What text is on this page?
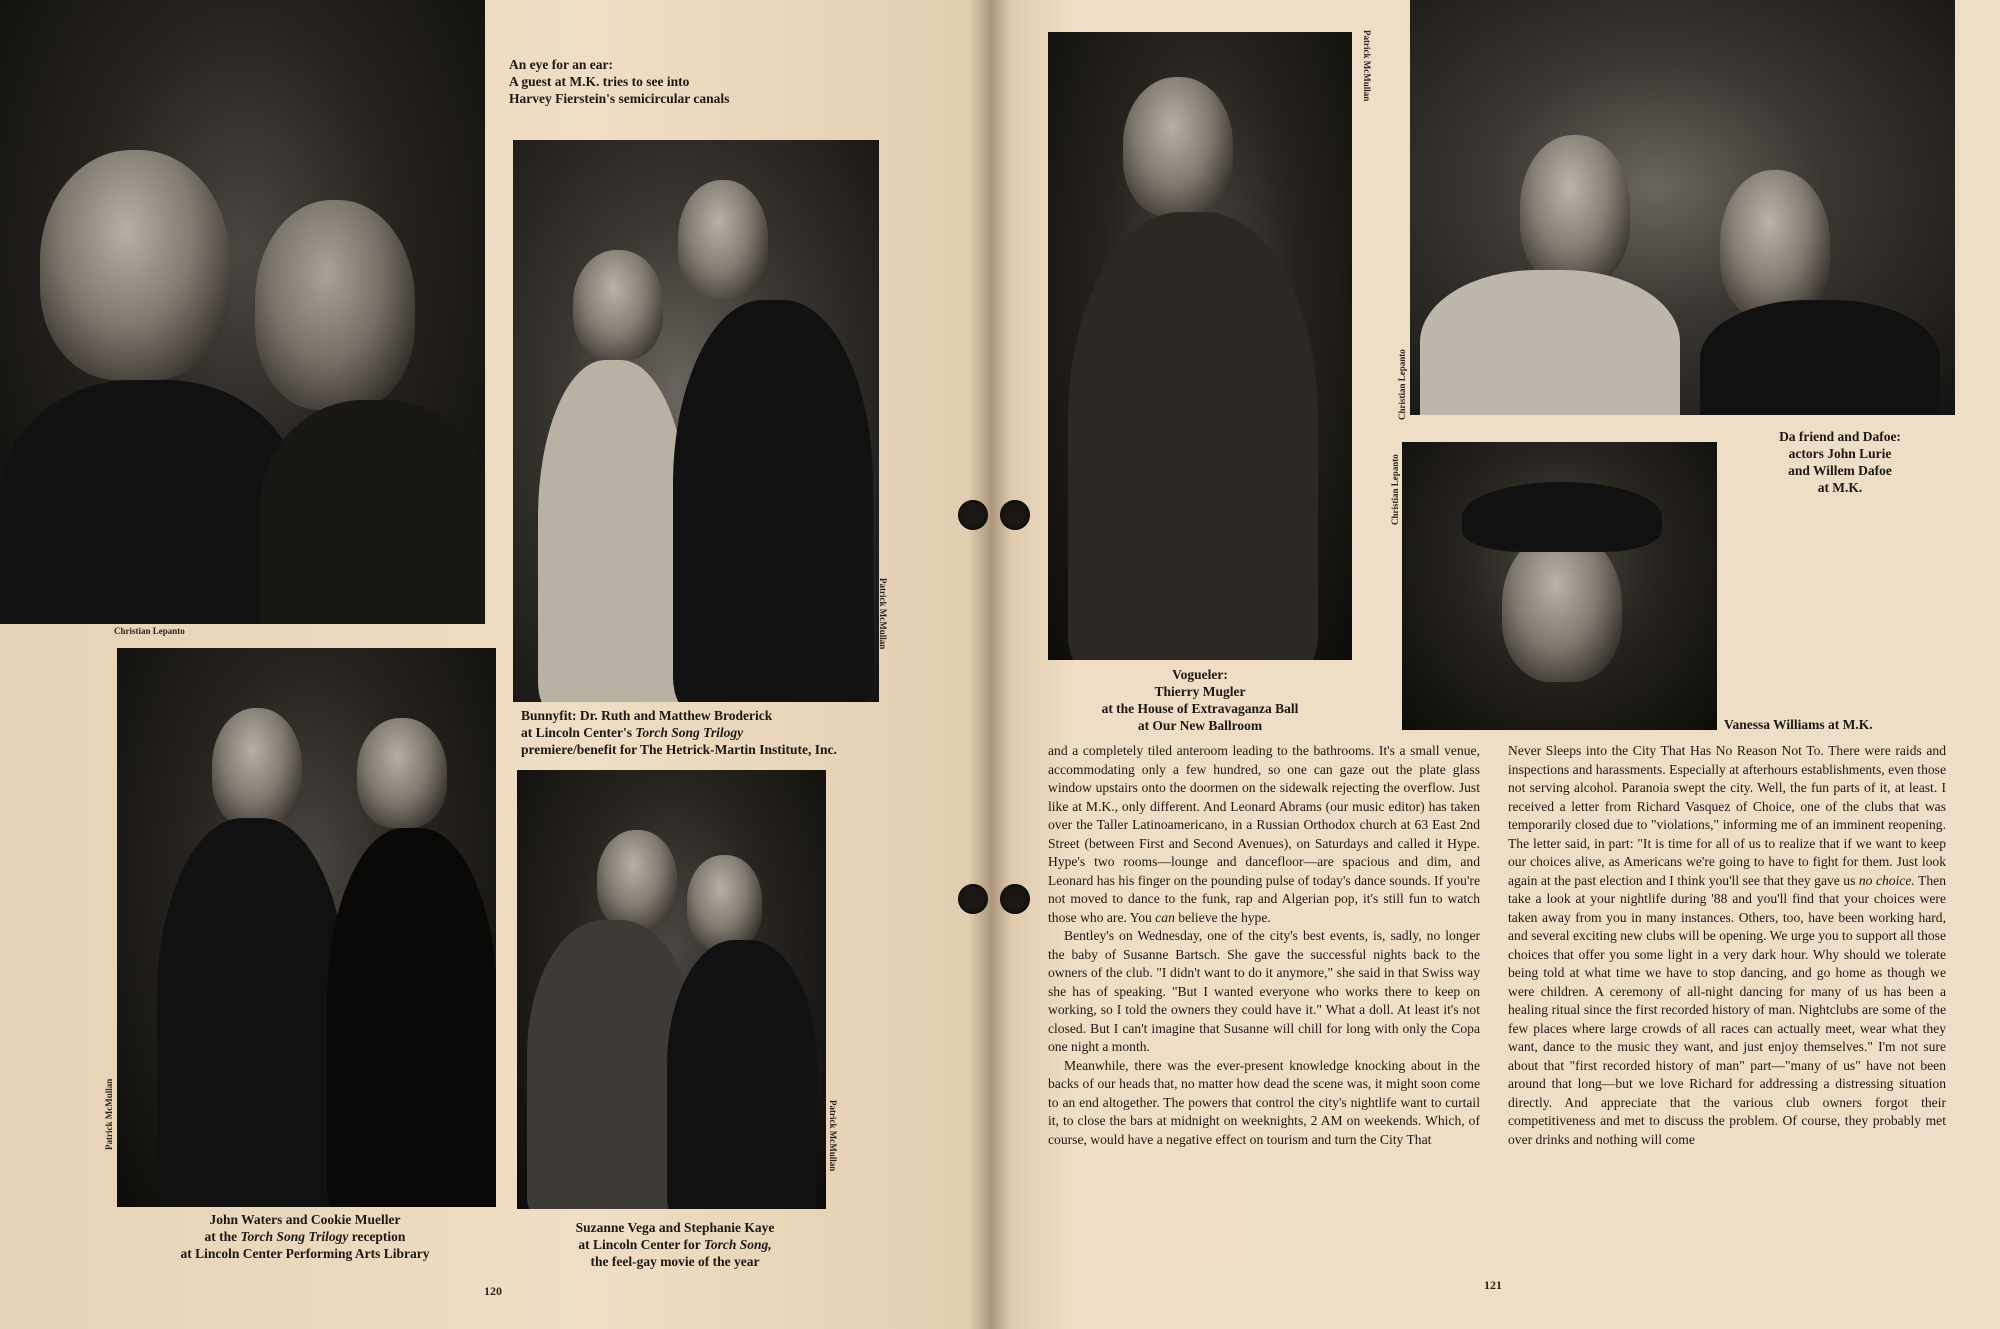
Christian Lepanto
An eye for an ear:
A guest at M.K. tries to see into
Harvey Fierstein's semicircular canals
Patrick McMullan
Bunnyfit: Dr. Ruth and Matthew Broderick
at Lincoln Center's Torch Song Trilogy
premiere/benefit for The Hetrick-Martin Institute, Inc.
Patrick McMullan
John Waters and Cookie Mueller
at the Torch Song Trilogy reception
at Lincoln Center Performing Arts Library
Patrick McMullan
Suzanne Vega and Stephanie Kaye
at Lincoln Center for Torch Song,
the feel-gay movie of the year
120
Patrick McMullan
Vogueler:
Thierry Mugler
at the House of Extravaganza Ball
at Our New Ballroom
Christian Lepanto
Da friend and Dafoe:
actors John Lurie
and Willem Dafoe
at M.K.
Christian Lepanto
Vanessa Williams at M.K.

and a completely tiled anteroom leading to the bathrooms. It's a small venue, accommodating only a few hundred, so one can gaze out the plate glass window upstairs onto the doormen on the sidewalk rejecting the overflow. Just like at M.K., only different. And Leonard Abrams (our music editor) has taken over the Taller Latinoamericano, in a Russian Orthodox church at 63 East 2nd Street (between First and Second Avenues), on Saturdays and called it Hype. Hype's two rooms—lounge and dancefloor—are spacious and dim, and Leonard has his finger on the pounding pulse of today's dance sounds. If you're not moved to dance to the funk, rap and Algerian pop, it's still fun to watch those who are. You can believe the hype.

Bentley's on Wednesday, one of the city's best events, is, sadly, no longer the baby of Susanne Bartsch. She gave the successful nights back to the owners of the club. "I didn't want to do it anymore," she said in that Swiss way she has of speaking. "But I wanted everyone who works there to keep on working, so I told the owners they could have it." What a doll. At least it's not closed. But I can't imagine that Susanne will chill for long with only the Copa one night a month.

Meanwhile, there was the ever-present knowledge knocking about in the backs of our heads that, no matter how dead the scene was, it might soon come to an end altogether. The powers that control the city's nightlife want to curtail it, to close the bars at midnight on weeknights, 2 AM on weekends. Which, of course, would have a negative effect on tourism and turn the City That

Never Sleeps into the City That Has No Reason Not To. There were raids and inspections and harassments. Especially at afterhours establishments, even those not serving alcohol. Paranoia swept the city. Well, the fun parts of it, at least. I received a letter from Richard Vasquez of Choice, one of the clubs that was temporarily closed due to "violations," informing me of an imminent reopening. The letter said, in part: "It is time for all of us to realize that if we want to keep our choices alive, as Americans we're going to have to fight for them. Just look again at the past election and I think you'll see that they gave us no choice. Then take a look at your nightlife during '88 and you'll find that your choices were taken away from you in many instances. Others, too, have been working hard, and several exciting new clubs will be opening. We urge you to support all those choices that offer you some light in a very dark hour. Why should we tolerate being told at what time we have to stop dancing, and go home as though we were children. A ceremony of all-night dancing for many of us has been a healing ritual since the first recorded history of man. Nightclubs are some of the few places where large crowds of all races can actually meet, wear what they want, dance to the music they want, and just enjoy themselves." I'm not sure about that "first recorded history of man" part—"many of us" have not been around that long—but we love Richard for addressing a distressing situation directly. And appreciate that the various club owners forgot their competitiveness and met to discuss the problem. Of course, they probably met over drinks and nothing will come

121
